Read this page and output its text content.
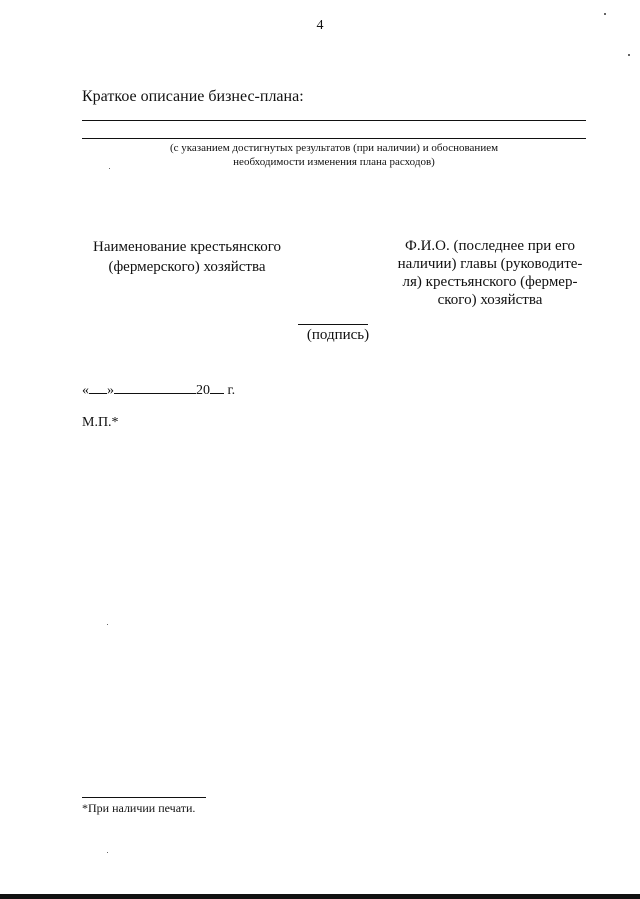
4
Краткое описание бизнес-плана:
(с указанием достигнутых результатов (при наличии) и обоснованием
необходимости изменения плана расходов)
Наименование крестьянского
(фермерского) хозяйства
Ф.И.О. (последнее при его
наличии) главы (руководите-
ля) крестьянского (фермер-
ского) хозяйства
(подпись)
« »	20 г.
М.П.*
*При наличии печати.
